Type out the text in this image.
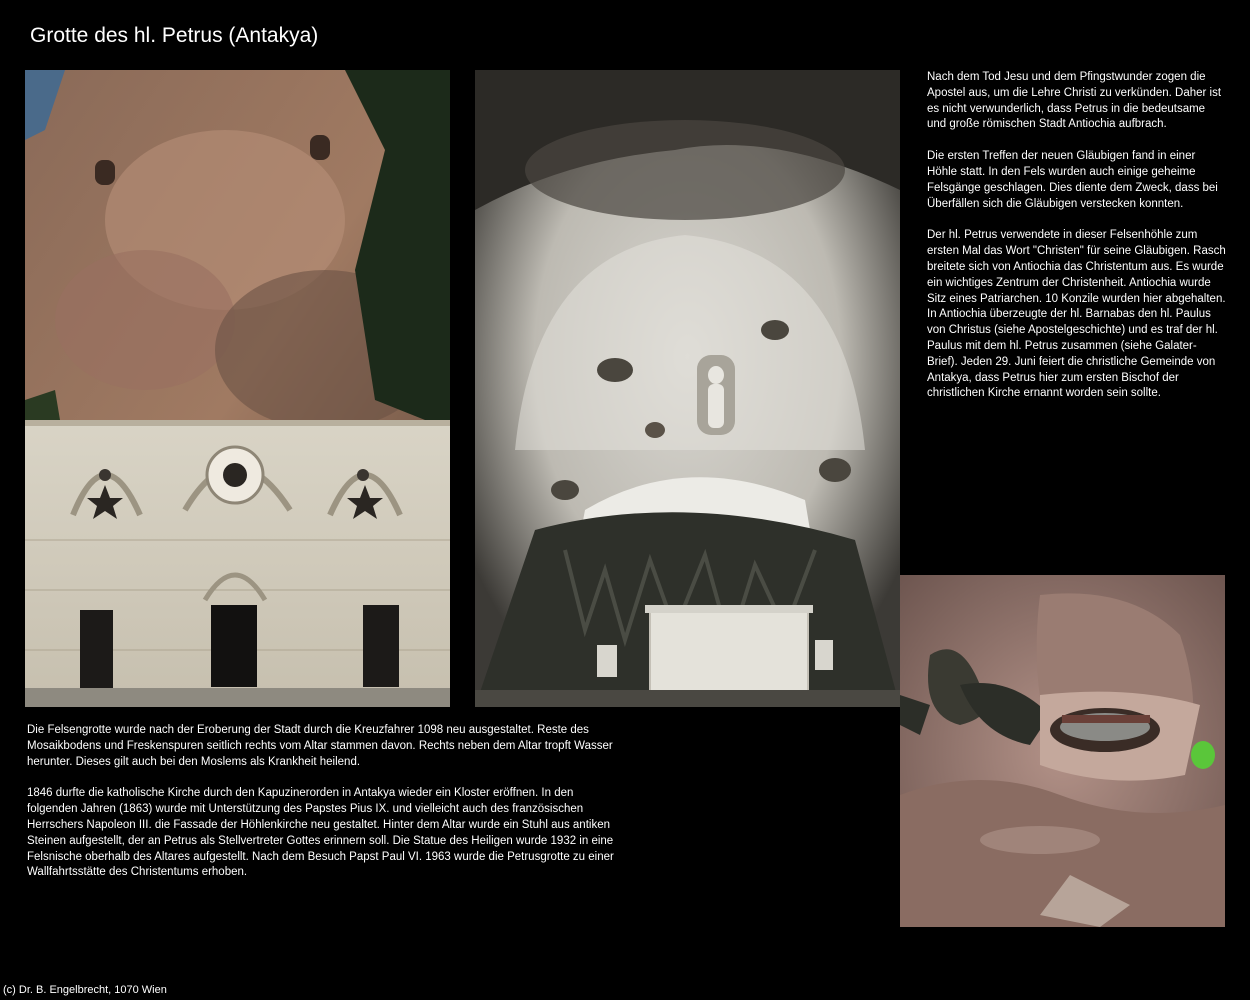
Grotte des hl. Petrus (Antakya)

Nach dem Tod Jesu und dem Pfingstwunder zogen die Apostel aus, um die Lehre Christi zu verkünden. Daher ist es nicht verwunderlich, dass Petrus in die bedeutsame und große römischen Stadt Antiochia aufbrach.

Die ersten Treffen der neuen Gläubigen fand in einer Höhle statt. In den Fels wurden auch einige geheime Felsgänge geschlagen. Dies diente dem Zweck, dass bei Überfällen sich die Gläubigen verstecken konnten.

Der hl. Petrus verwendete in dieser Felsenhöhle zum ersten Mal das Wort "Christen" für seine Gläubigen. Rasch breitete sich von Antiochia das Christentum aus. Es wurde ein wichtiges Zentrum der Christenheit. Antiochia wurde Sitz eines Patriarchen. 10 Konzile wurden hier abgehalten. In Antiochia überzeugte der hl. Barnabas den hl. Paulus von Christus (siehe Apostelgeschichte) und es traf der hl. Paulus mit dem hl. Petrus zusammen (siehe Galater-Brief). Jeden 29. Juni feiert die christliche Gemeinde von Antakya, dass Petrus hier zum ersten Bischof der christlichen Kirche ernannt worden sein sollte.

Die Felsengrotte wurde nach der Eroberung der Stadt durch die Kreuzfahrer 1098 neu ausgestaltet. Reste des Mosaikbodens und Freskenspuren seitlich rechts vom Altar stammen davon. Rechts neben dem Altar tropft Wasser herunter. Dieses gilt auch bei den Moslems als Krankheit heilend.

1846 durfte die katholische Kirche durch den Kapuzinerorden in Antakya wieder ein Kloster eröffnen. In den folgenden Jahren (1863) wurde mit Unterstützung des Papstes Pius IX. und vielleicht auch des französischen Herrschers Napoleon III. die Fassade der Höhlenkirche neu gestaltet. Hinter dem Altar wurde ein Stuhl aus antiken Steinen aufgestellt, der an Petrus als Stellvertreter Gottes erinnern soll. Die Statue des Heiligen wurde 1932 in eine Felsnische oberhalb des Altares aufgestellt. Nach dem Besuch Papst Paul VI. 1963 wurde die Petrusgrotte zu einer Wallfahrtsstätte des Christentums erhoben.

(c) Dr. B. Engelbrecht, 1070 Wien
